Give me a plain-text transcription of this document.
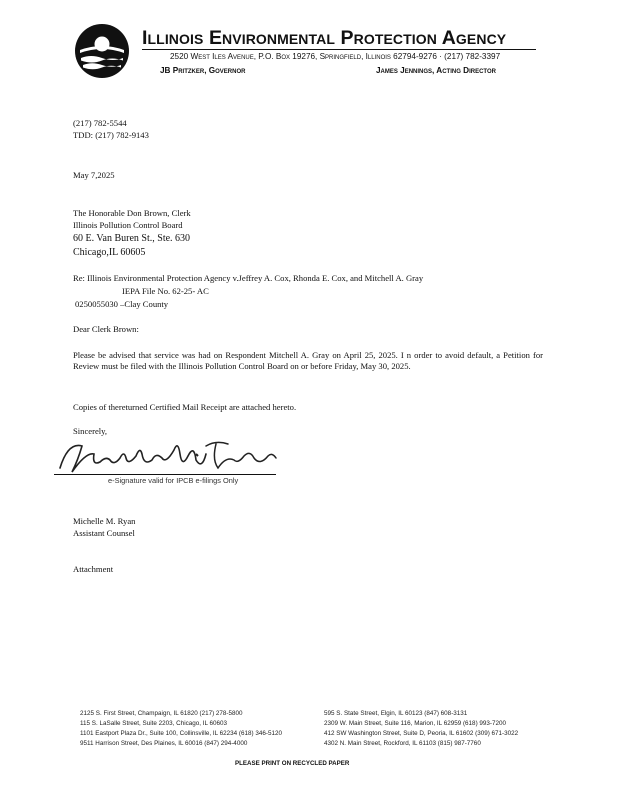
Illinois Environmental Protection Agency
2520 West Iles Avenue, P.O. Box 19276, Springfield, Illinois 62794-9276 · (217) 782-3397
JB Pritzker, Governor	James Jennings, Acting Director
(217) 782-5544
TDD: (217) 782-9143
May 7,2025
The Honorable Don Brown, Clerk
Illinois Pollution Control Board
60 E. Van Buren St., Ste. 630
Chicago,IL 60605
Re: Illinois Environmental Protection Agency v.Jeffrey A. Cox, Rhonda E. Cox, and Mitchell A. Gray
IEPA File No. 62-25- AC
0250055030 –Clay County
Dear Clerk Brown:
Please be advised that service was had on Respondent Mitchell A. Gray on April 25, 2025. I n order to avoid default, a Petition for Review must be filed with the Illinois Pollution Control Board on or before Friday, May 30, 2025.
Copies of thereturned Certified Mail Receipt are attached hereto.
Sincerely,
e-Signature valid for IPCB e-filings Only
Michelle M. Ryan
Assistant Counsel
Attachment
2125 S. First Street, Champaign, IL 61820 (217) 278-5800
115 S. LaSalle Street, Suite 2203, Chicago, IL 60603
1101 Eastport Plaza Dr., Suite 100, Collinsville, IL 62234 (618) 346-5120
9511 Harrison Street, Des Plaines, IL 60016 (847) 294-4000
595 S. State Street, Elgin, IL 60123 (847) 608-3131
2309 W. Main Street, Suite 116, Marion, IL 62959 (618) 993-7200
412 SW Washington Street, Suite D, Peoria, IL 61602 (309) 671-3022
4302 N. Main Street, Rockford, IL 61103 (815) 987-7760
PLEASE PRINT ON RECYCLED PAPER
